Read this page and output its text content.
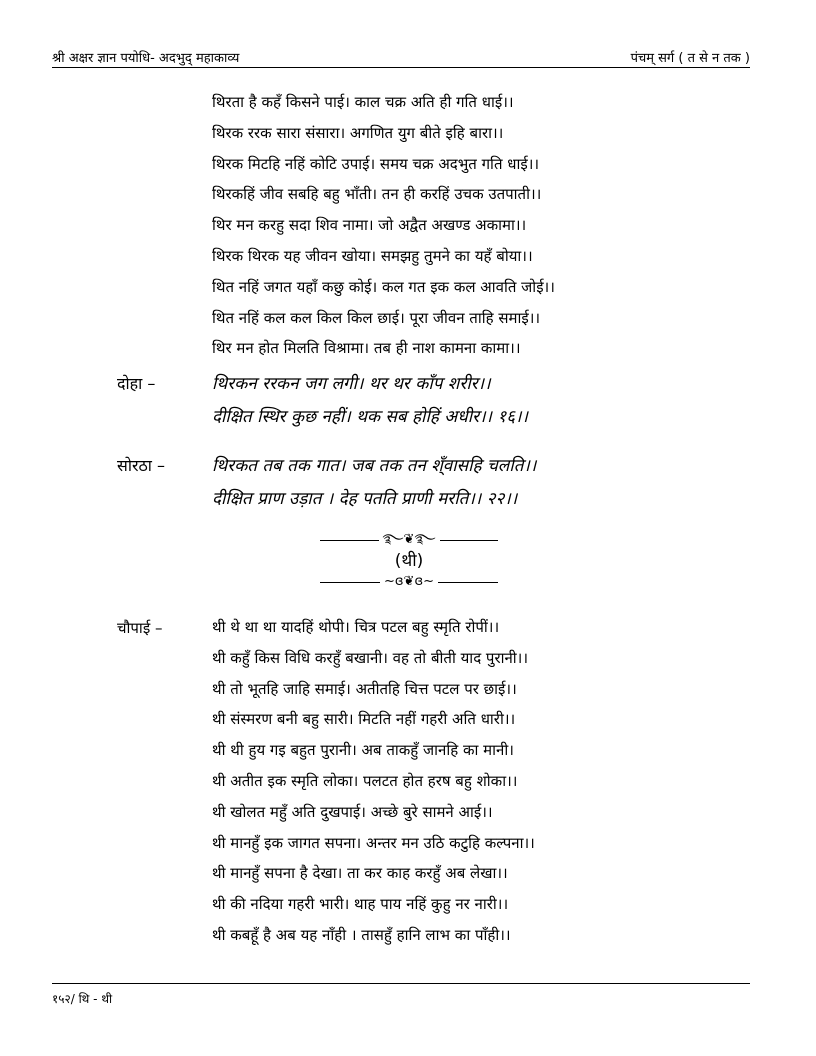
श्री अक्षर ज्ञान पयोधि- अदभुद् महाकाव्य	पंचम् सर्ग ( त से न तक )
थिरता है कहँ किसने पाई। काल चक्र अति ही गति धाई।।
थिरक ररक सारा संसारा। अगणित युग बीते इहि बारा।।
थिरक मिटहि नहिं कोटि उपाई। समय चक्र अदभुत गति धाई।।
थिरकहिं जीव सबहि बहु भाँती। तन ही करहिं उचक उतपाती।।
थिर मन करहु सदा शिव नामा। जो अद्वैत अखण्ड अकामा।।
थिरक थिरक यह जीवन खोया। समझहु तुमने का यहँ बोया।।
थित नहिं जगत यहाँ कछु कोई। कल गत इक कल आवति जोई।।
थित नहिं कल कल किल किल छाई। पूरा जीवन ताहि समाई।।
थिर मन होत मिलति विश्रामा। तब ही नाश कामना कामा।।
दोहा –	थिरकन ररकन जग लगी। थर थर काँप शरीर।।
दीक्षित स्थिर कुछ नहीं। थक सब होहिं अधीर।। १६।।
सोरठा –	थिरकत तब तक गात। जब तक तन श्ँवासहि चलति।।
दीक्षित प्राण उड़ात । देह पतति प्राणी मरति।। २२।।
࿐❦࿐
(थी)
~ɞ❦ɞ~
चौपाई –	थी थे था था यादहिं थोपी। चित्र पटल बहु स्मृति रोपीं।।
थी कहुँ किस विधि करहुँ बखानी। वह तो बीती याद पुरानी।।
थी तो भूतहि जाहि समाई। अतीतहि चित्त पटल पर छाई।।
थी संस्मरण बनी बहु सारी। मिटति नहीं गहरी अति धारी।।
थी थी हुय गइ बहुत पुरानी। अब ताकहुँ जानहि का मानी।
थी अतीत इक स्मृति लोका। पलटत होत हरष बहु शोका।।
थी खोलत महुँ अति दुखपाई। अच्छे बुरे सामने आई।।
थी मानहुँ इक जागत सपना। अन्तर मन उठि कटुहि कल्पना।।
थी मानहुँ सपना है देखा। ता कर काह करहुँ अब लेखा।।
थी की नदिया गहरी भारी। थाह पाय नहिं कुहु नर नारी।।
थी कबहूँ है अब यह नाँही । तासहुँ हानि लाभ का पाँही।।
१५२/ थि - थी
